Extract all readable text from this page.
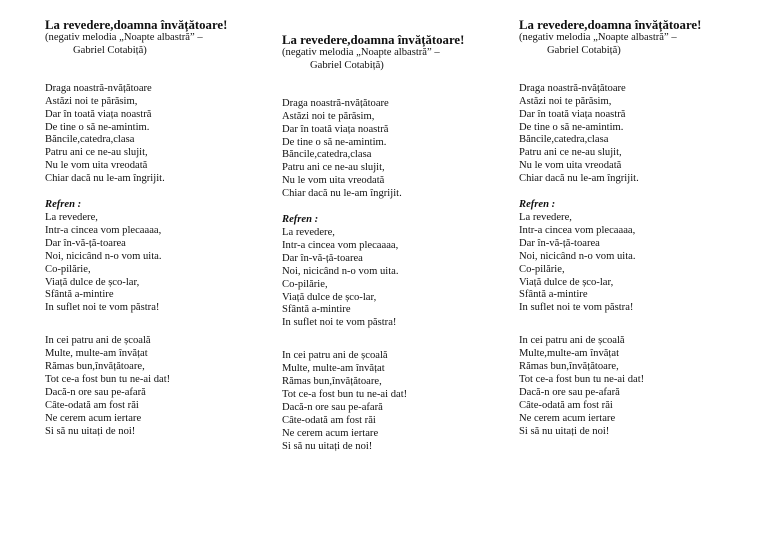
La revedere,doamna învățătoare!

(negativ melodia „Noapte albastră” –
Gabriel Cotabiță)
Draga noastră-nvățătoare
Astăzi noi te părăsim,
Dar în toată viața noastră
De tine o să ne-amintim.
Băncile,catedra,clasa
Patru ani ce ne-au slujit,
Nu le vom uita vreodată
Chiar dacă nu le-am îngrijit.
Refren :
La revedere,
Intr-a cincea vom plecaaaa,
Dar în-vă-ță-toarea
Noi, nicicând n-o vom uita.
Co-pilărie,
Viață dulce de șco-lar,
Sfântă a-mintire
In suflet noi te vom păstra!
In cei patru ani de școală
Multe, multe-am învățat
Rămas bun,învățătoare,
Tot ce-a fost bun tu ne-ai dat!
Dacă-n ore sau pe-afară
Câte-odată am fost răi
Ne cerem acum iertare
Si să nu uitați de noi!

La revedere,doamna învățătoare!

(negativ melodia „Noapte albastră” –
Gabriel Cotabiță)
Draga noastră-nvățătoare
Astăzi noi te părăsim,
Dar în toată viața noastră
De tine o să ne-amintim.
Băncile,catedra,clasa
Patru ani ce ne-au slujit,
Nu le vom uita vreodată
Chiar dacă nu le-am îngrijit.
Refren :
La revedere,
Intr-a cincea vom plecaaaa,
Dar în-vă-ță-toarea
Noi, nicicând n-o vom uita.
Co-pilărie,
Viață dulce de șco-lar,
Sfântă a-mintire
In suflet noi te vom păstra!
In cei patru ani de școală
Multe, multe-am învățat
Rămas bun,învățătoare,
Tot ce-a fost bun tu ne-ai dat!
Dacă-n ore sau pe-afară
Câte-odată am fost răi
Ne cerem acum iertare
Si să nu uitați de noi!

La revedere,doamna învățătoare!

(negativ melodia „Noapte albastră” –
Gabriel Cotabiță)
Draga noastră-nvățătoare
Astăzi noi te părăsim,
Dar în toată viața noastră
De tine o să ne-amintim.
Băncile,catedra,clasa
Patru ani ce ne-au slujit,
Nu le vom uita vreodată
Chiar dacă nu le-am îngrijit.
Refren :
La revedere,
Intr-a cincea vom plecaaaa,
Dar în-vă-ță-toarea
Noi, nicicând n-o vom uita.
Co-pilărie,
Viață dulce de șco-lar,
Sfântă a-mintire
In suflet noi te vom păstra!
In cei patru ani de școală
Multe,multe-am învățat
Rămas bun,învățătoare,
Tot ce-a fost bun tu ne-ai dat!
Dacă-n ore sau pe-afară
Câte-odată am fost răi
Ne cerem acum iertare
Si să nu uitați de noi!
